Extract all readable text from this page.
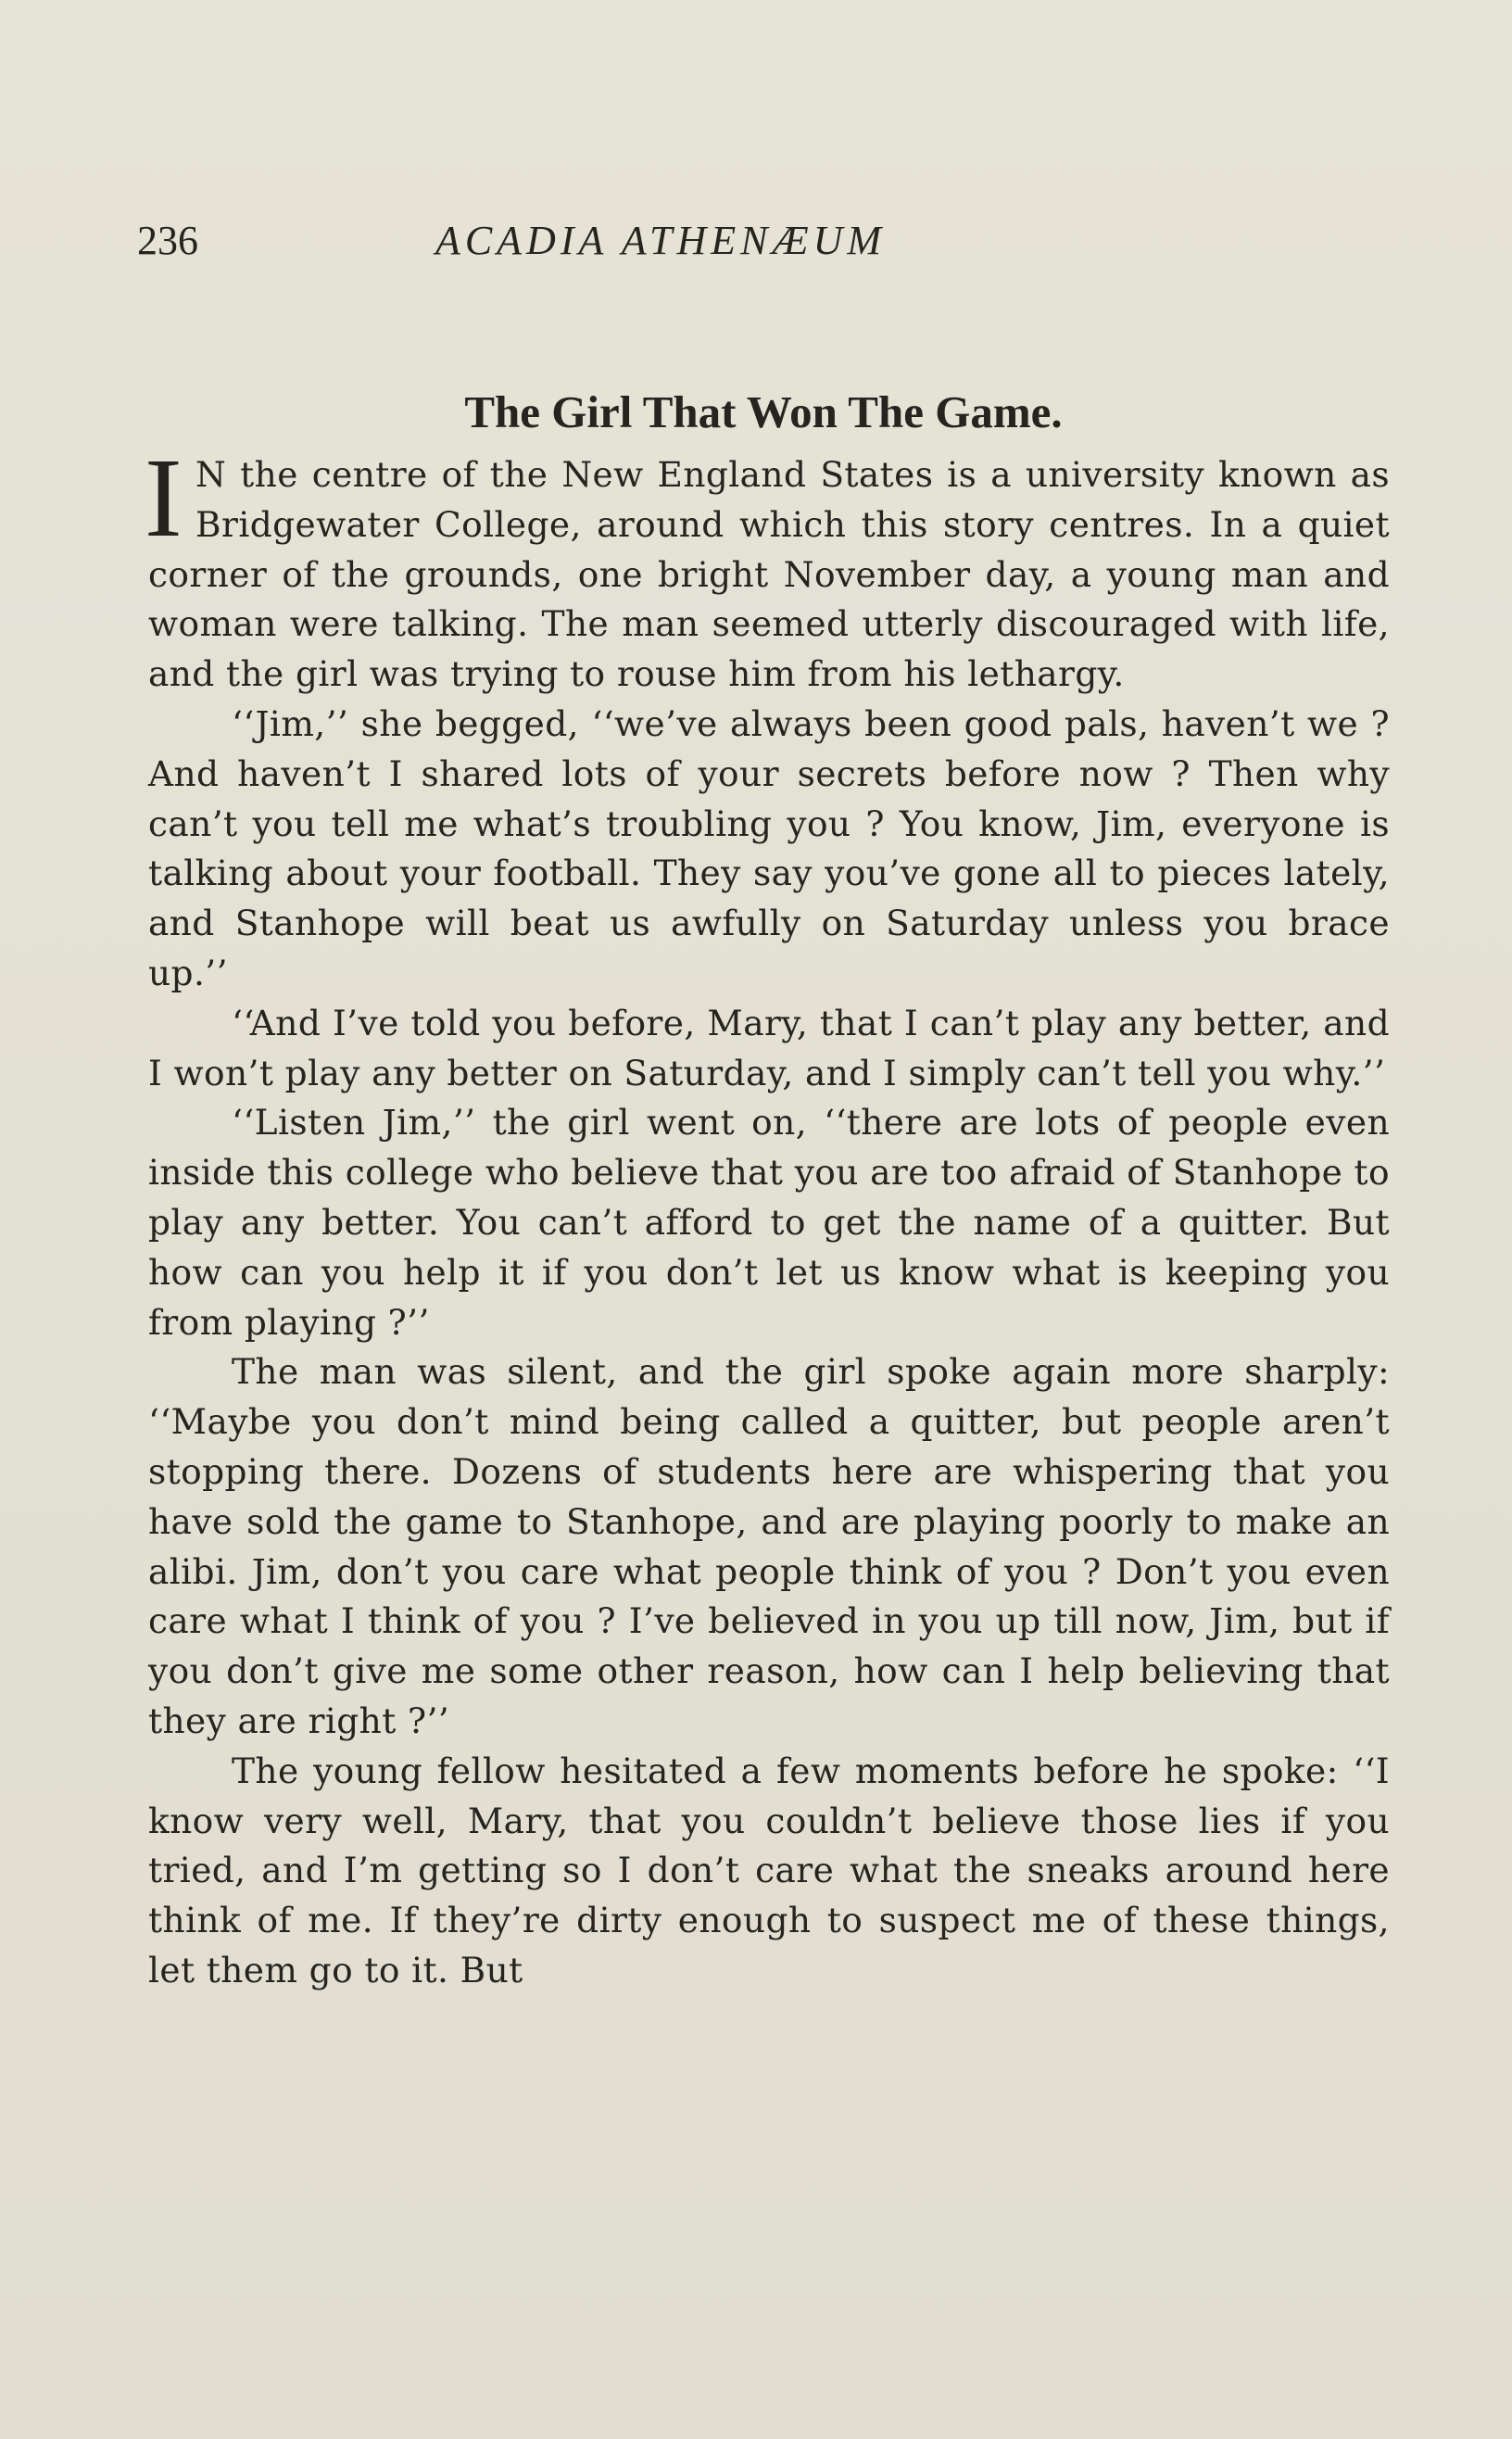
236	ACADIA ATHENÆUM
The Girl That Won The Game.

I N the centre of the New England States is a university known as Bridgewater College, around which this story centres. In a quiet corner of the grounds, one bright November day, a young man and woman were talking. The man seemed utterly discouraged with life, and the girl was trying to rouse him from his lethargy.

‘‘Jim,’’ she begged, ‘‘we’ve always been good pals, haven’t we ? And haven’t I shared lots of your secrets before now ? Then why can’t you tell me what’s troubling you ? You know, Jim, everyone is talking about your football. They say you’ve gone all to pieces lately, and Stanhope will beat us awfully on Saturday unless you brace up.’’

‘‘And I’ve told you before, Mary, that I can’t play any better, and I won’t play any better on Saturday, and I simply can’t tell you why.’’

‘‘Listen Jim,’’ the girl went on, ‘‘there are lots of people even inside this college who believe that you are too afraid of Stanhope to play any better. You can’t afford to get the name of a quitter. But how can you help it if you don’t let us know what is keeping you from playing ?’’

The man was silent, and the girl spoke again more sharply: ‘‘Maybe you don’t mind being called a quitter, but people aren’t stopping there. Dozens of students here are whispering that you have sold the game to Stanhope, and are playing poorly to make an alibi. Jim, don’t you care what people think of you ? Don’t you even care what I think of you ? I’ve believed in you up till now, Jim, but if you don’t give me some other reason, how can I help believing that they are right ?’’

The young fellow hesitated a few moments before he spoke: ‘‘I know very well, Mary, that you couldn’t believe those lies if you tried, and I’m getting so I don’t care what the sneaks around here think of me. If they’re dirty enough to suspect me of these things, let them go to it. But
